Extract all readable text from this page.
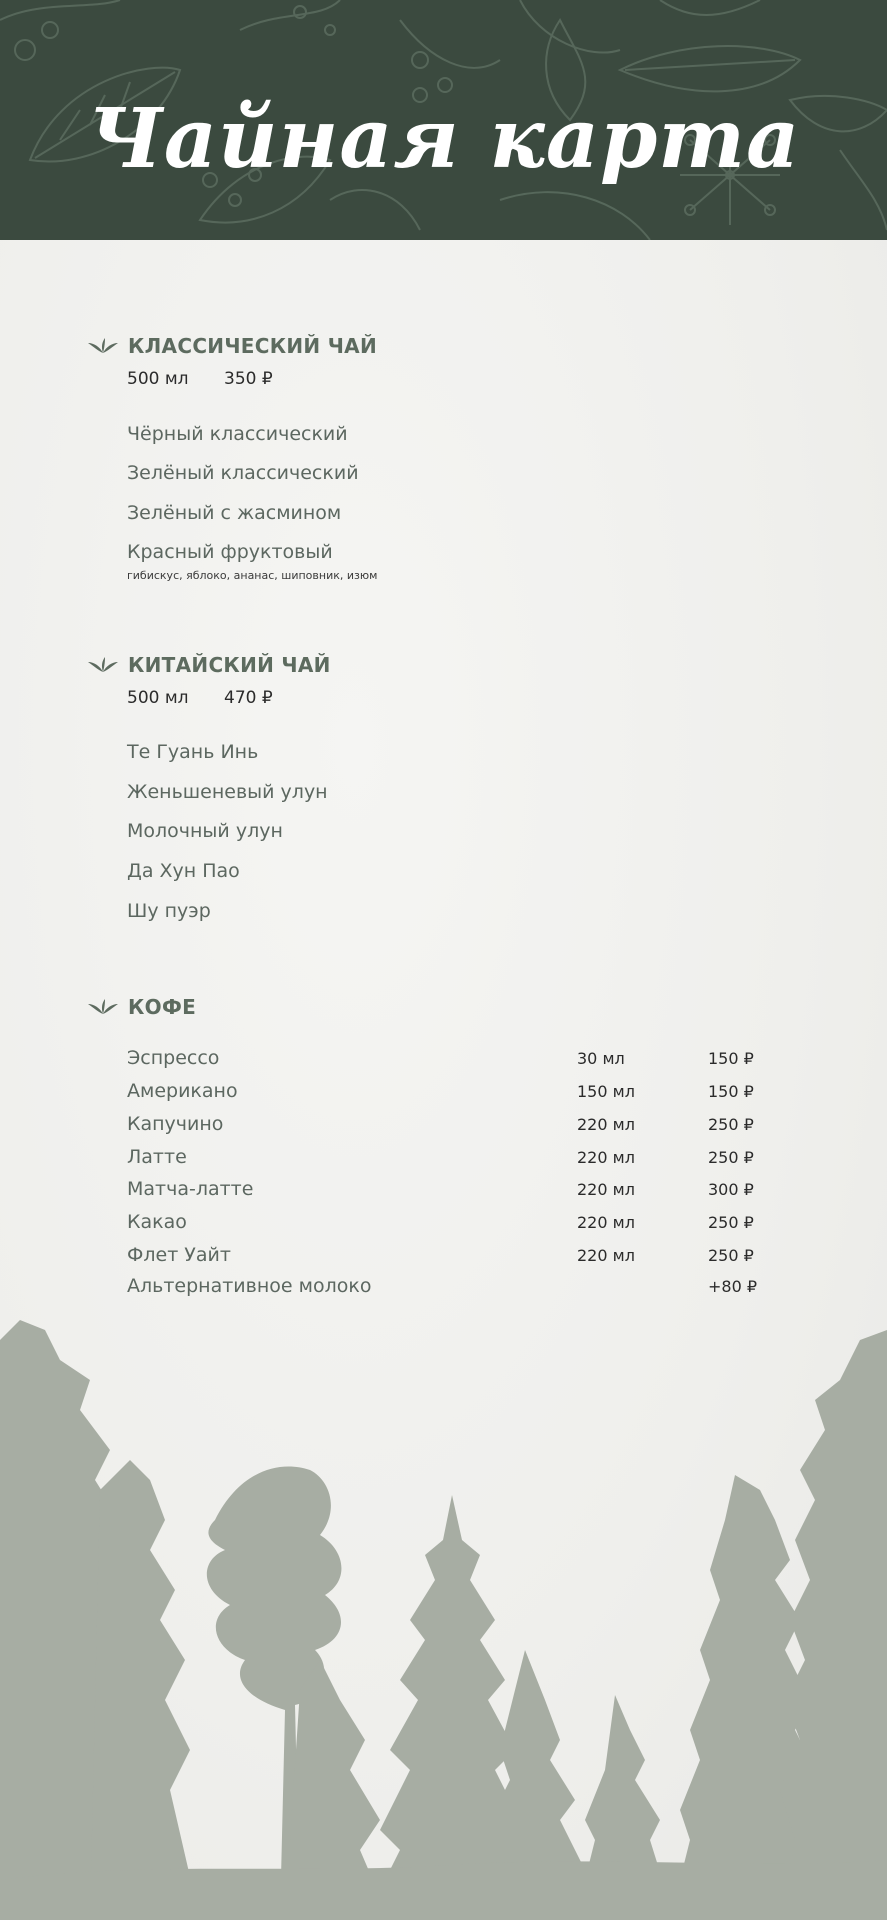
Чайная карта
КЛАССИЧЕСКИЙ ЧАЙ
500 мл 350 ₽
Чёрный классический
Зелёный классический
Зелёный с жасмином
Красный фруктовый
гибискус, яблоко, ананас, шиповник, изюм
КИТАЙСКИЙ ЧАЙ
500 мл 470 ₽
Те Гуань Инь
Женьшеневый улун
Молочный улун
Да Хун Пао
Шу пуэр
КОФЕ
Эспрессо	30 мл	150 ₽
Американо	150 мл	150 ₽
Капучино	220 мл	250 ₽
Латте	220 мл	250 ₽
Матча-латте	220 мл	300 ₽
Какао	220 мл	250 ₽
Флет Уайт	220 мл	250 ₽
Альтернативное молоко	+80 ₽
